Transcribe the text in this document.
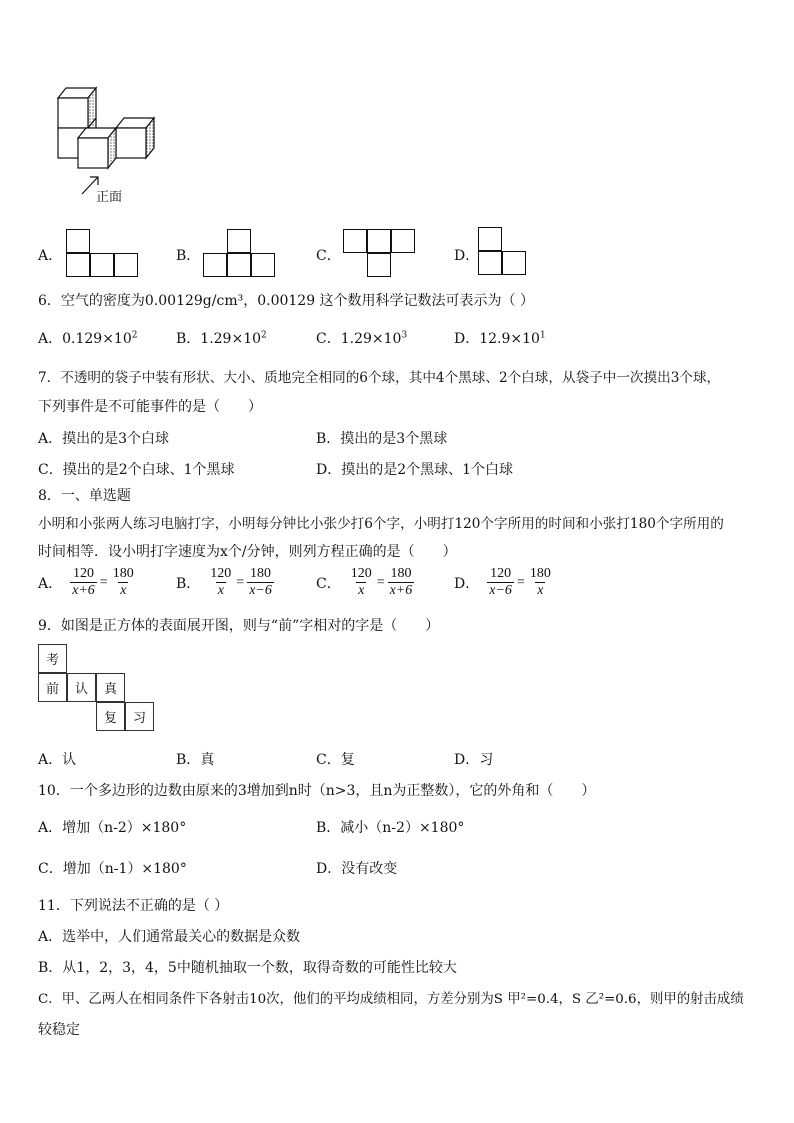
正面
A．	B．	C．	D．
6．空气的密度为0.00129g/cm³，0.00129 这个数用科学记数法可表示为（ ）
A．$0.129\times 10^2$	B．$1.29\times 10^2$	C．$1.29\times 10^3$	D．$12.9\times 10^1$
7．不透明的袋子中装有形状、大小、质地完全相同的6个球，其中4个黑球、2个白球，从袋子中一次摸出3个球，
下列事件是不可能事件的是（　　）
A．摸出的是3个白球	B．摸出的是3个黑球
C．摸出的是2个白球、1个黑球	D．摸出的是2个黑球、1个白球
8．一、单选题
小明和小张两人练习电脑打字，小明每分钟比小张少打6个字，小明打120个字所用的时间和小张打180个字所用的
时间相等．设小明打字速度为x个/分钟，则列方程正确的是（　　）
A． $\frac{120}{x+6} = \frac{180}{x}$	B． $\frac{120}{x} = \frac{180}{x-6}$	C． $\frac{120}{x} = \frac{180}{x+6}$	D． $\frac{120}{x-6} = \frac{180}{x}$
9．如图是正方体的表面展开图，则与“前”字相对的字是（　　）
考
前	认	真
复	习
A．认	B．真	C．复	D．习
10．一个多边形的边数由原来的3增加到n时（n>3，且n为正整数），它的外角和（　　）
A．增加（n-2）×180°	B．减小（n-2）×180°
C．增加（n-1）×180°	D．没有改变
11．下列说法不正确的是（ ）
A．选举中，人们通常最关心的数据是众数
B．从1，2，3，4，5中随机抽取一个数，取得奇数的可能性比较大
C．甲、乙两人在相同条件下各射击10次，他们的平均成绩相同，方差分别为S 甲²=0.4，S 乙²=0.6，则甲的射击成绩
较稳定
